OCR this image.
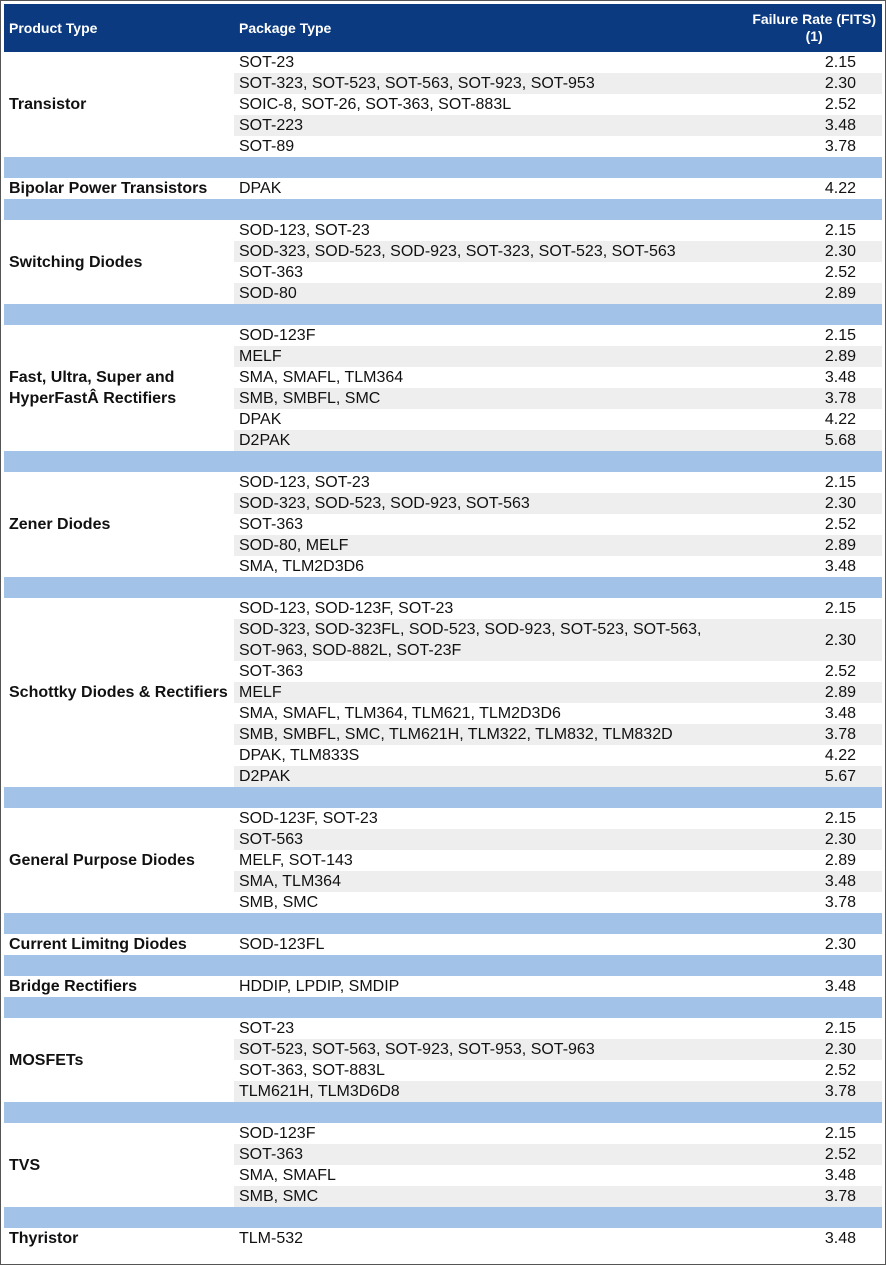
Product Type	Package Type	Failure Rate (FITS)
(1)
Transistor	SOT-23	2.15
	SOT-323, SOT-523, SOT-563, SOT-923, SOT-953	2.30
	SOIC-8, SOT-26, SOT-363, SOT-883L	2.52
	SOT-223	3.48
	SOT-89	3.78

Bipolar Power Transistors	DPAK	4.22

Switching Diodes	SOD-123, SOT-23	2.15
	SOD-323, SOD-523, SOD-923, SOT-323, SOT-523, SOT-563	2.30
	SOT-363	2.52
	SOD-80	2.89

Fast, Ultra, Super and HyperFastÂ Rectifiers	SOD-123F	2.15
	MELF	2.89
	SMA, SMAFL, TLM364	3.48
	SMB, SMBFL, SMC	3.78
	DPAK	4.22
	D2PAK	5.68

Zener Diodes	SOD-123, SOT-23	2.15
	SOD-323, SOD-523, SOD-923, SOT-563	2.30
	SOT-363	2.52
	SOD-80, MELF	2.89
	SMA, TLM2D3D6	3.48

Schottky Diodes & Rectifiers	SOD-123, SOD-123F, SOT-23	2.15
	SOD-323, SOD-323FL, SOD-523, SOD-923, SOT-523, SOT-563, SOT-963, SOD-882L, SOT-23F	2.30
	SOT-363	2.52
	MELF	2.89
	SMA, SMAFL, TLM364, TLM621, TLM2D3D6	3.48
	SMB, SMBFL, SMC, TLM621H, TLM322, TLM832, TLM832D	3.78
	DPAK, TLM833S	4.22
	D2PAK	5.67

General Purpose Diodes	SOD-123F, SOT-23	2.15
	SOT-563	2.30
	MELF, SOT-143	2.89
	SMA, TLM364	3.48
	SMB, SMC	3.78

Current Limitng Diodes	SOD-123FL	2.30

Bridge Rectifiers	HDDIP, LPDIP, SMDIP	3.48

MOSFETs	SOT-23	2.15
	SOT-523, SOT-563, SOT-923, SOT-953, SOT-963	2.30
	SOT-363, SOT-883L	2.52
	TLM621H, TLM3D6D8	3.78

TVS	SOD-123F	2.15
	SOT-363	2.52
	SMA, SMAFL	3.48
	SMB, SMC	3.78

Thyristor	TLM-532	3.48
